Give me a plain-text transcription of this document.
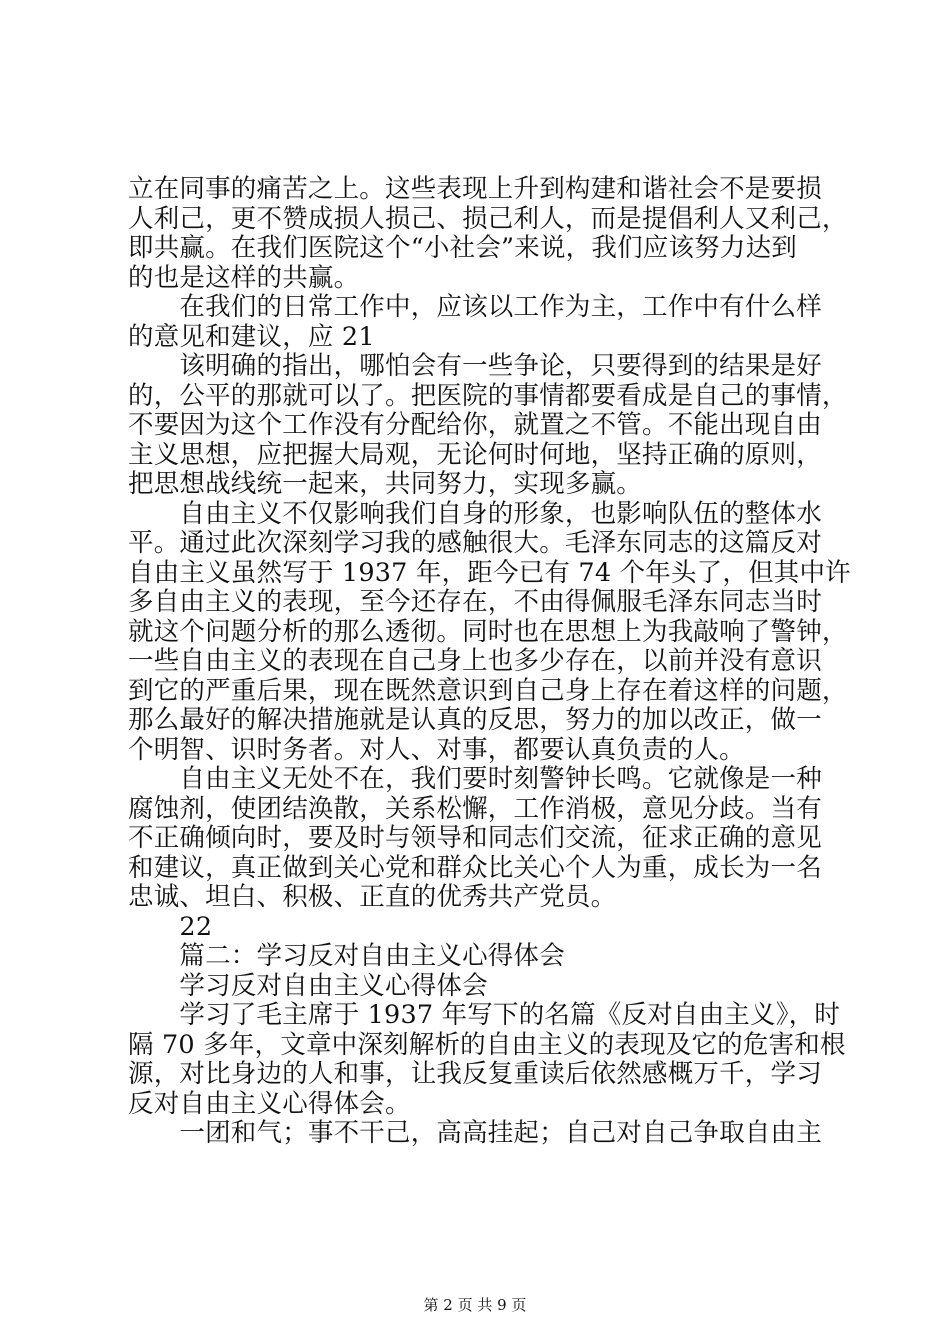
立在同事的痛苦之上。这些表现上升到构建和谐社会不是要损
人利己，更不赞成损人损己、损己利人，而是提倡利人又利己，
即共赢。在我们医院这个“小社会”来说，我们应该努力达到
的也是这样的共赢。
　　在我们的日常工作中，应该以工作为主，工作中有什么样
的意见和建议，应 21
　　该明确的指出，哪怕会有一些争论，只要得到的结果是好
的，公平的那就可以了。把医院的事情都要看成是自己的事情，
不要因为这个工作没有分配给你，就置之不管。不能出现自由
主义思想，应把握大局观，无论何时何地，坚持正确的原则，
把思想战线统一起来，共同努力，实现多赢。
　　自由主义不仅影响我们自身的形象，也影响队伍的整体水
平。通过此次深刻学习我的感触很大。毛泽东同志的这篇反对
自由主义虽然写于 1937 年，距今已有 74 个年头了，但其中许
多自由主义的表现，至今还存在，不由得佩服毛泽东同志当时
就这个问题分析的那么透彻。同时也在思想上为我敲响了警钟，
一些自由主义的表现在自己身上也多少存在，以前并没有意识
到它的严重后果，现在既然意识到自己身上存在着这样的问题，
那么最好的解决措施就是认真的反思，努力的加以改正，做一
个明智、识时务者。对人、对事，都要认真负责的人。
　　自由主义无处不在，我们要时刻警钟长鸣。它就像是一种
腐蚀剂，使团结涣散，关系松懈，工作消极，意见分歧。当有
不正确倾向时，要及时与领导和同志们交流，征求正确的意见
和建议，真正做到关心党和群众比关心个人为重，成长为一名
忠诚、坦白、积极、正直的优秀共产党员。
　　22
　　篇二：学习反对自由主义心得体会
　　学习反对自由主义心得体会
　　学习了毛主席于 1937 年写下的名篇《反对自由主义》，时
隔 70 多年，文章中深刻解析的自由主义的表现及它的危害和根
源，对比身边的人和事，让我反复重读后依然感概万千，学习
反对自由主义心得体会。
　　一团和气；事不干己，高高挂起；自己对自己争取自由主
第 2 页 共 9 页
